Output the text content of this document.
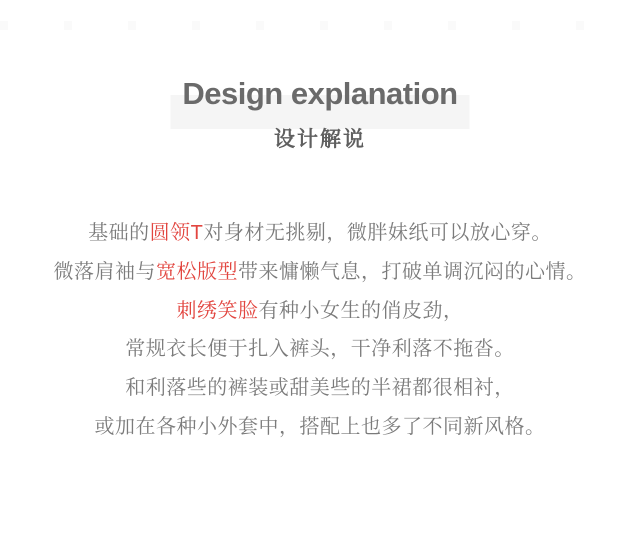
Design explanation
设计解说
基础的圆领T对身材无挑剔，微胖妹纸可以放心穿。
微落肩袖与宽松版型带来慵懒气息，打破单调沉闷的心情。
刺绣笑脸有种小女生的俏皮劲，
常规衣长便于扎入裤头，干净利落不拖沓。
和利落些的裤装或甜美些的半裙都很相衬，
或加在各种小外套中，搭配上也多了不同新风格。
